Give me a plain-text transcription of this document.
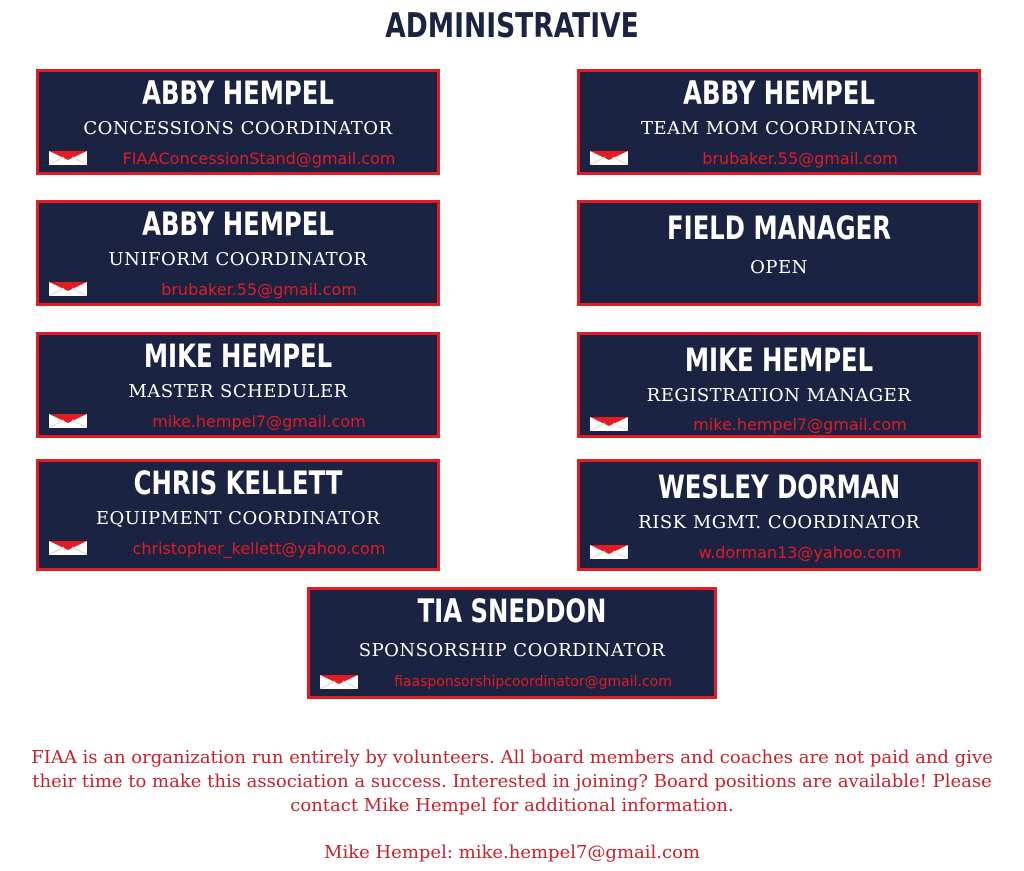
ADMINISTRATIVE
ABBY HEMPEL
CONCESSIONS COORDINATOR
FIAAConcessionStand@gmail.com
ABBY HEMPEL
TEAM MOM COORDINATOR
brubaker.55@gmail.com
ABBY HEMPEL
UNIFORM COORDINATOR
brubaker.55@gmail.com
FIELD MANAGER
OPEN
MIKE HEMPEL
MASTER SCHEDULER
mike.hempel7@gmail.com
MIKE HEMPEL
REGISTRATION MANAGER
mike.hempel7@gmail.com
CHRIS KELLETT
EQUIPMENT COORDINATOR
christopher_kellett@yahoo.com
WESLEY DORMAN
RISK MGMT. COORDINATOR
w.dorman13@yahoo.com
TIA SNEDDON
SPONSORSHIP COORDINATOR
fiaasponsorshipcoordinator@gmail.com
FIAA is an organization run entirely by volunteers. All board members and coaches are not paid and give their time to make this association a success. Interested in joining? Board positions are available! Please contact Mike Hempel for additional information.
Mike Hempel: mike.hempel7@gmail.com
